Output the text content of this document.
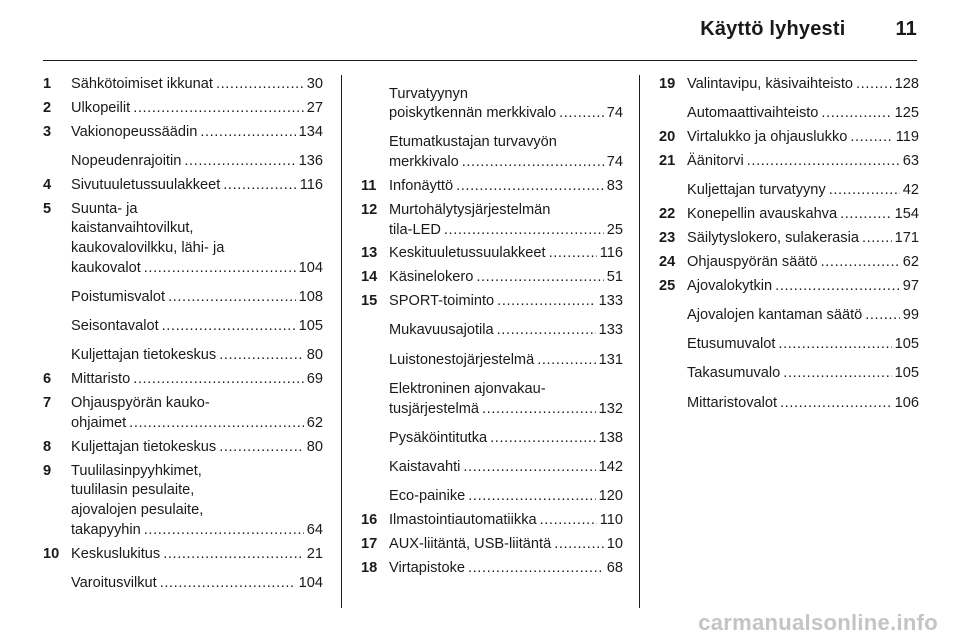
Käyttö lyhyesti	11
1	Sähkötoimiset ikkunat .....	30
2	Ulkopeilit .....	27
3	Vakionopeussäädin .....	134
Nopeudenrajoitin .....	136
4	Sivutuuletussuulakkeet .....	116
5	Suunta- ja
kaistanvaihtovilkut,
kaukovalovilkku, lähi- ja
kaukovalot .....	104
Poistumisvalot .....	108
Seisontavalot .....	105
Kuljettajan tietokeskus .....	80
6	Mittaristo .....	69
7	Ohjauspyörän kauko-
ohjaimet .....	62
8	Kuljettajan tietokeskus .....	80
9	Tuulilasinpyyhkimet,
tuulilasin pesulaite,
ajovalojen pesulaite,
takapyyhin .....	64
10 Keskuslukitus .....	21
Varoitusvilkut .....	104
Turvatyynyn
poiskytkennän merkkivalo .....	74
Etumatkustajan turvavyön
merkkivalo .....	74
11 Infonäyttö .....	83
12 Murtohälytysjärjestelmän
tila-LED .....	25
13 Keskituuletussuulakkeet .....	116
14 Käsinelokero .....	51
15 SPORT-toiminto .....	133
Mukavuusajotila .....	133
Luistonestojärjestelmä .....	131
Elektroninen ajonvakau-
tusjärjestelmä .....	132
Pysäköintitutka .....	138
Kaistavahti .....	142
Eco-painike .....	120
16 Ilmastointiautomatiikka .....	110
17 AUX-liitäntä, USB-liitäntä .....	10
18 Virtapistoke .....	68
19 Valintavipu, käsivaihteisto .....	128
Automaattivaihteisto .....	125
20 Virtalukko ja ohjauslukko .....	119
21 Äänitorvi .....	63
Kuljettajan turvatyyny .....	42
22 Konepellin avauskahva .....	154
23 Säilytyslokero, sulakerasia ..... 171
24 Ohjauspyörän säätö .....	62
25 Ajovalokytkin .....	97
Ajovalojen kantaman säätö .....	99
Etusumuvalot .....	105
Takasumuvalo .....	105
Mittaristovalot .....	106
carmanualsonline.info
